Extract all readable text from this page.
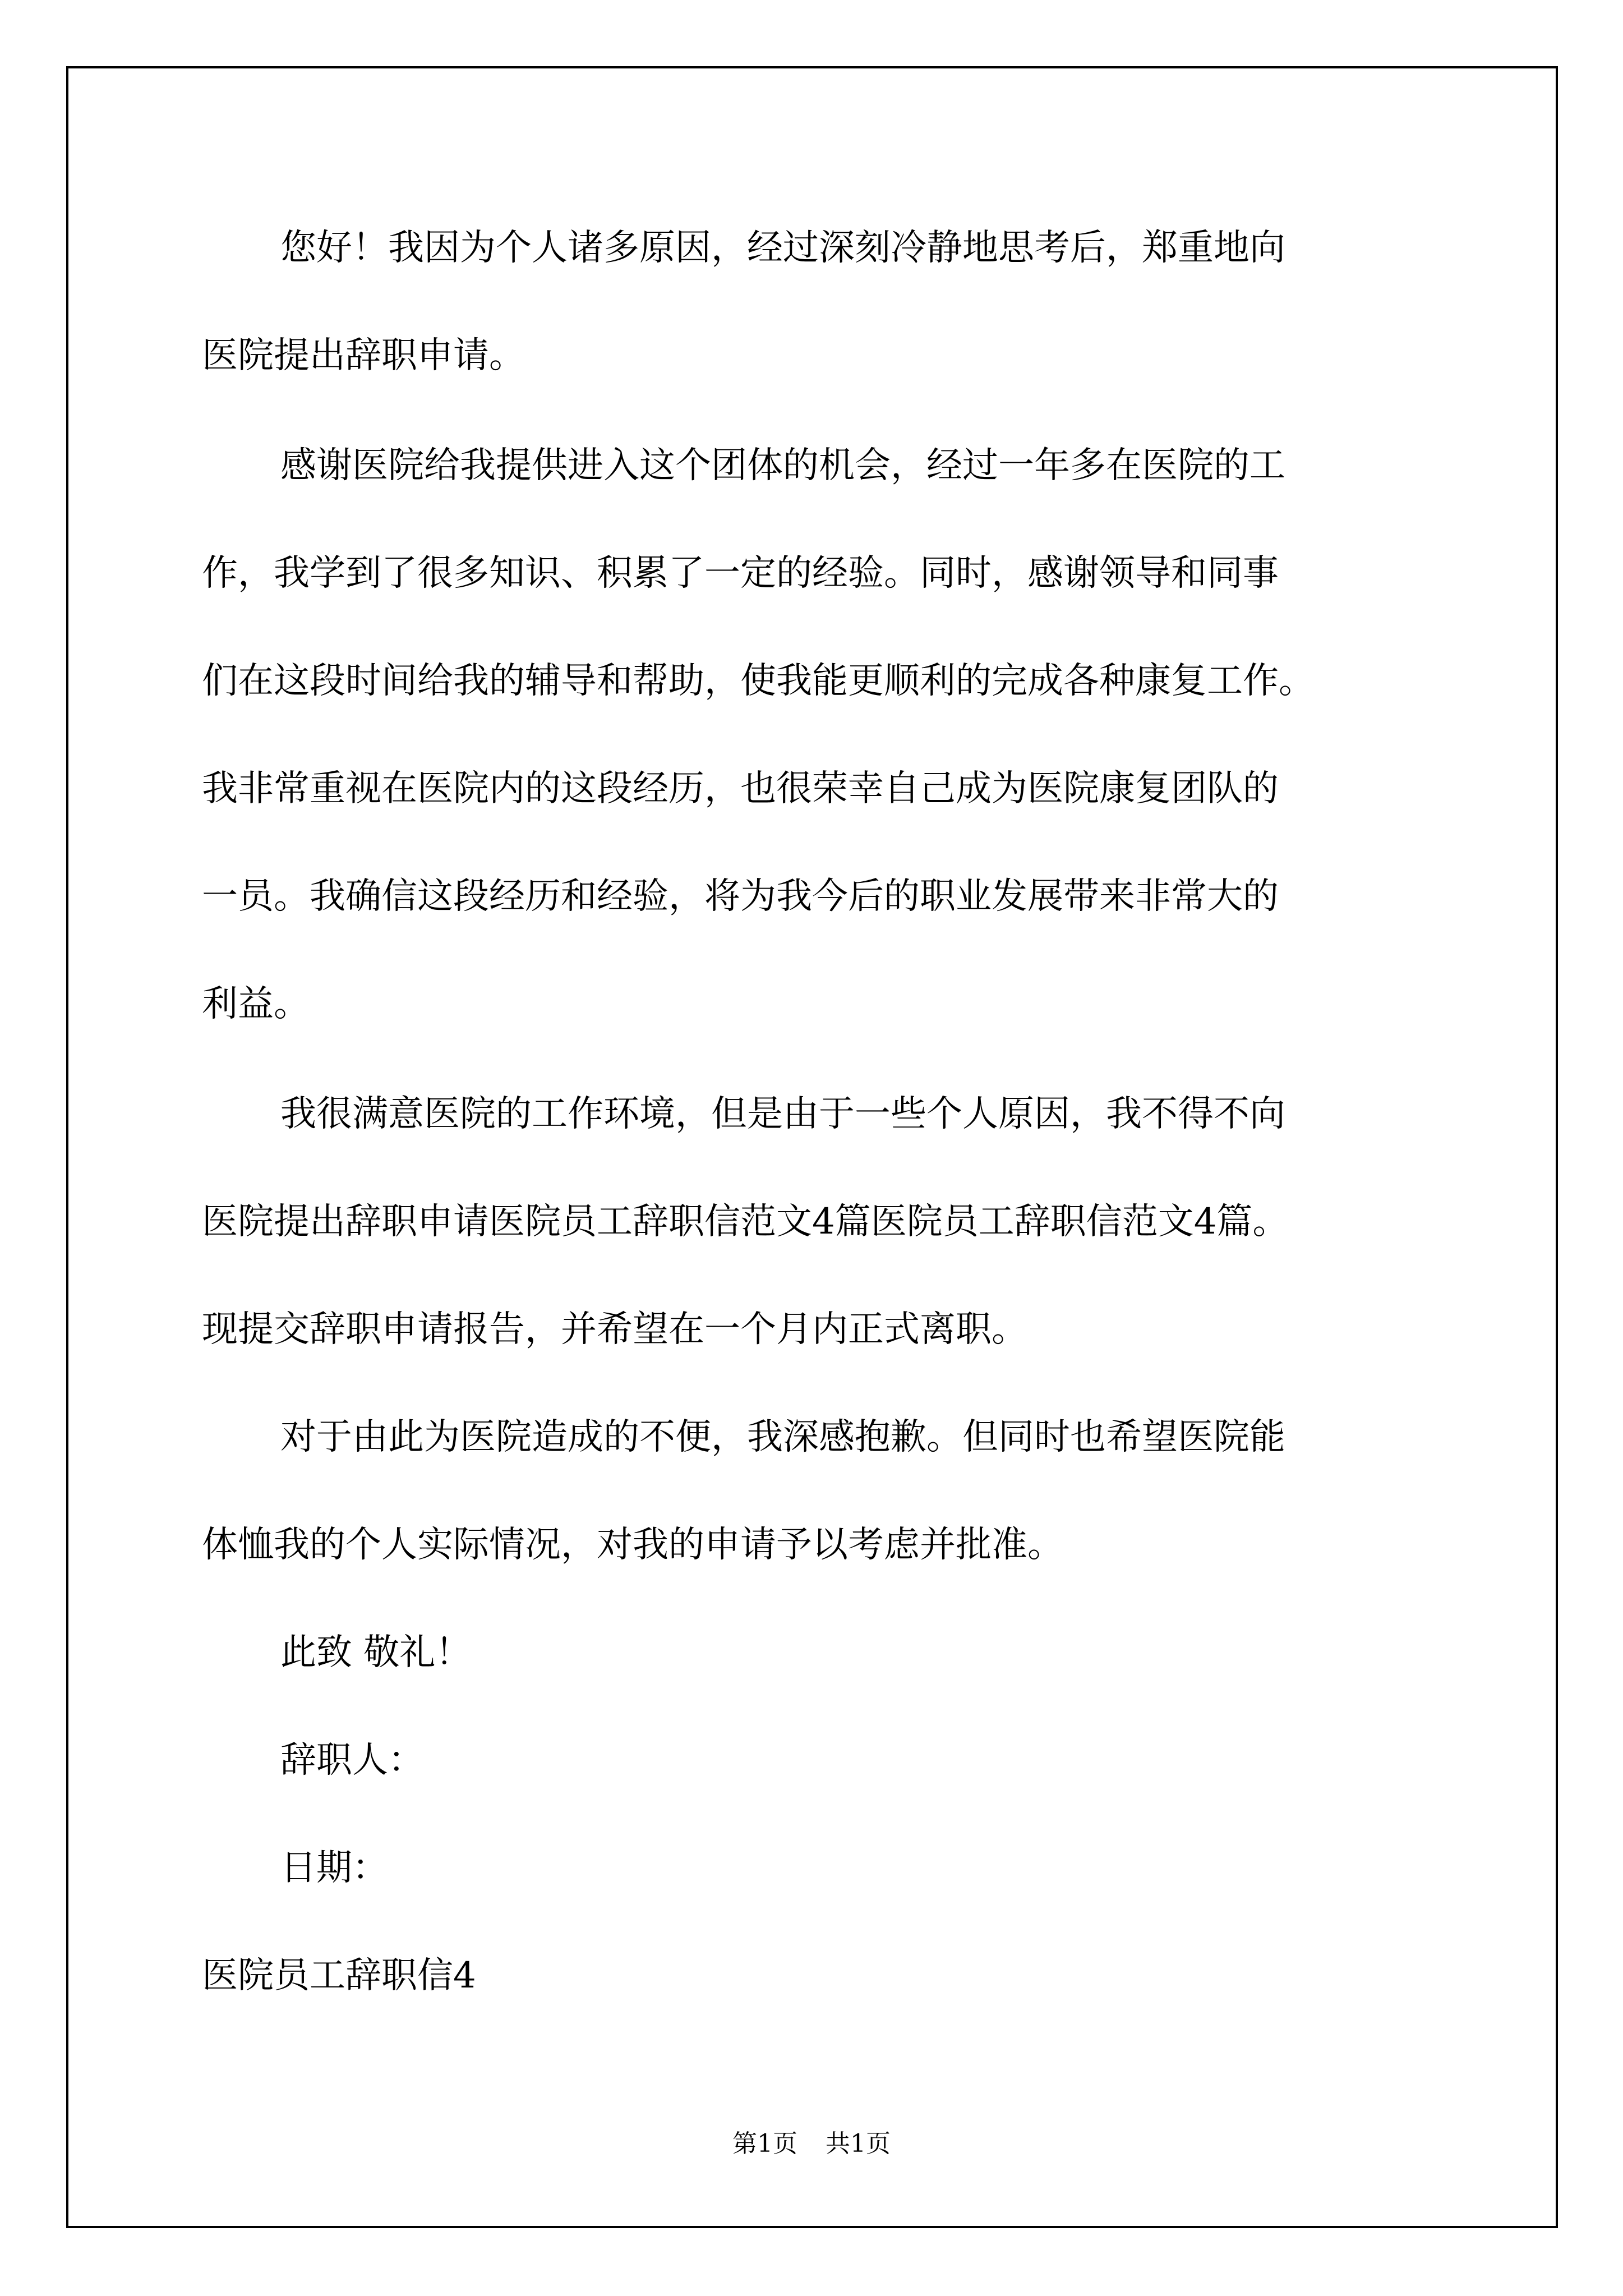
您好！我因为个人诸多原因，经过深刻冷静地思考后，郑重地向
医院提出辞职申请。
感谢医院给我提供进入这个团体的机会，经过一年多在医院的工
作，我学到了很多知识、积累了一定的经验。同时，感谢领导和同事
们在这段时间给我的辅导和帮助，使我能更顺利的完成各种康复工作。
我非常重视在医院内的这段经历，也很荣幸自己成为医院康复团队的
一员。我确信这段经历和经验，将为我今后的职业发展带来非常大的
利益。
我很满意医院的工作环境，但是由于一些个人原因，我不得不向
医院提出辞职申请医院员工辞职信范文4篇医院员工辞职信范文4篇。
现提交辞职申请报告，并希望在一个月内正式离职。
对于由此为医院造成的不便，我深感抱歉。但同时也希望医院能
体恤我的个人实际情况，对我的申请予以考虑并批准。
此致 敬礼！
辞职人：
日期：
医院员工辞职信4
第1页 共1页
